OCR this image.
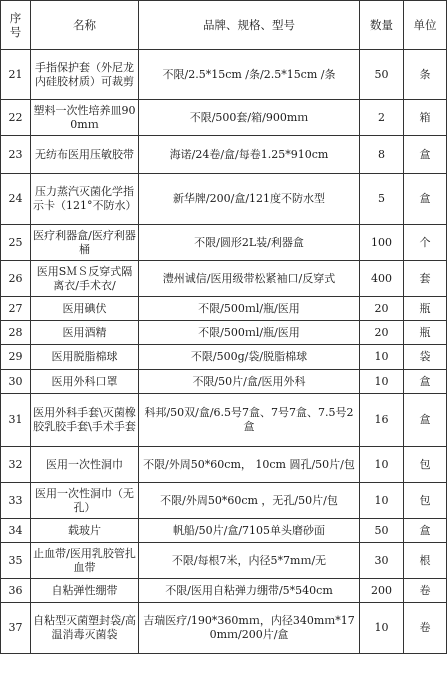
序
号	名称	品牌、规格、型号	数量	单位
21	手指保护套（外尼龙内硅胶材质）可裁剪	不限/2.5*15cm /条/2.5*15cm /条	50	条
22	塑料一次性培养皿900mｍ	不限/500套/箱/900mｍ	2	箱
23	无纺布医用压敏胶带	海诺/24卷/盒/每卷1.25*910cm	8	盒
24	压力蒸汽灭菌化学指示卡（121°不防水）	新华牌/200/盒/121度不防水型	5	盒
25	医疗利器盒/医疗利器桶	不限/圆形2L装/利器盒	100	个
26	医用SＭＳ反穿式隔离衣/手术衣/	澧州诚信/医用级带松紧袖口/反穿式	400	套
27	医用碘伏	不限/500ｍl/瓶/医用	20	瓶
28	医用酒精	不限/500ｍl/瓶/医用	20	瓶
29	医用脱脂棉球	不限/500g/袋/脱脂棉球	10	袋
30	医用外科口罩	不限/50片/盒/医用外科	10	盒
31	医用外科手套\灭菌橡胶乳胶手套\手术手套	科邦/50双/盒/6.5号7盒、7号7盒、7.5号2盒	16	盒
32	医用一次性洞巾	不限/外周50*60cm， 10cm 圆孔/50片/包	10	包
33	医用一次性洞巾（无孔）	不限/外周50*60cm ，无孔/50片/包	10	包
34	载玻片	帆船/50片/盒/7105单头磨砂面	50	盒
35	止血带/医用乳胶管扎血带	不限/每根7米，内径5*7mｍ/无	30	根
36	自粘弹性绷带	不限/医用自粘弹力绷带/5*540cm	200	卷
37	自粘型灭菌塑封袋/高温消毒灭菌袋	吉瑞医疗/190*360mｍ，内径340mｍ*170mｍ/200片/盒	10	卷
